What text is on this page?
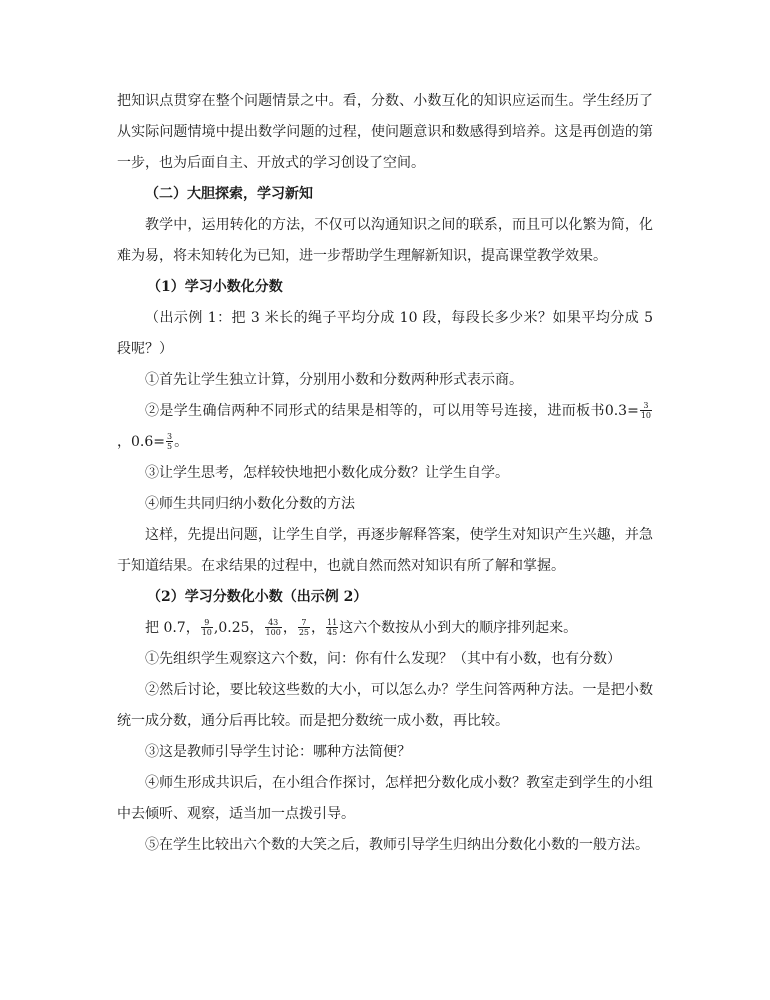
把知识点贯穿在整个问题情景之中。看，分数、小数互化的知识应运而生。学生经历了从实际问题情境中提出数学问题的过程，使问题意识和数感得到培养。这是再创造的第一步，也为后面自主、开放式的学习创设了空间。

（二）大胆探索，学习新知

教学中，运用转化的方法，不仅可以沟通知识之间的联系，而且可以化繁为简，化难为易，将未知转化为已知，进一步帮助学生理解新知识，提高课堂教学效果。

（1）学习小数化分数

（出示例 1：把 3 米长的绳子平均分成 10 段，每段长多少米？如果平均分成 5 段呢？）

①首先让学生独立计算，分别用小数和分数两种形式表示商。

②是学生确信两种不同形式的结果是相等的，可以用等号连接，进而板书$0.3= \frac{3}{10}$
，$0.6= \frac{3}{5}$ 。

③让学生思考，怎样较快地把小数化成分数？让学生自学。

④师生共同归纳小数化分数的方法

这样，先提出问题，让学生自学，再逐步解释答案，使学生对知识产生兴趣，并急于知道结果。在求结果的过程中，也就自然而然对知识有所了解和掌握。

（2）学习分数化小数（出示例 2）

把 0.7， $\frac{9}{10} ,0.25$， $\frac{43}{100}$ ， $\frac{7}{25}$ ， $\frac{11}{45}$ 这六个数按从小到大的顺序排列起来。

①先组织学生观察这六个数，问：你有什么发现？（其中有小数，也有分数）

②然后讨论，要比较这些数的大小，可以怎么办？学生问答两种方法。一是把小数统一成分数，通分后再比较。而是把分数统一成小数，再比较。

③这是教师引导学生讨论：哪种方法简便？

④师生形成共识后，在小组合作探讨，怎样把分数化成小数？教室走到学生的小组中去倾听、观察，适当加一点拨引导。

⑤在学生比较出六个数的大笑之后，教师引导学生归纳出分数化小数的一般方法。
